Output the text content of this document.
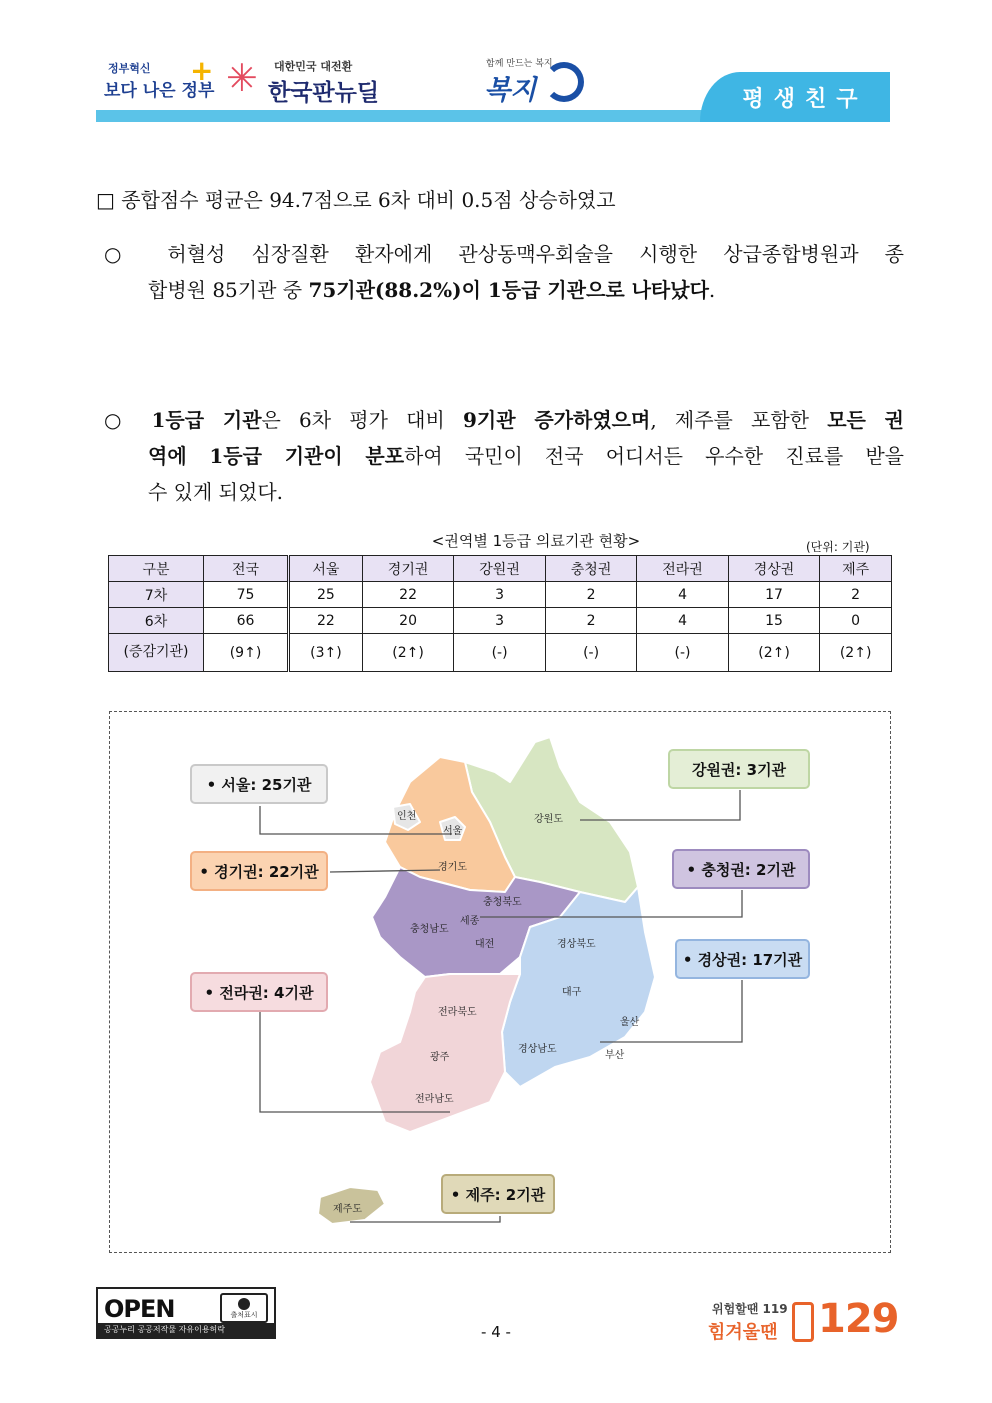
정부혁신
보다 나은 정부
+ ✳ 대한민국 대전환
한국판뉴딜
함께 만드는 복지
복지	평생친구
□ 종합점수 평균은 94.7점으로 6차 대비 0.5점 상승하였고
○ 허혈성 심장질환 환자에게 관상동맥우회술을 시행한 상급종합병원과 종
합병원 85기관 중 75기관(88.2%)이 1등급 기관으로 나타났다.
○ 1등급 기관은 6차 평가 대비 9기관 증가하였으며, 제주를 포함한 모든 권
역에 1등급 기관이 분포하여 국민이 전국 어디서든 우수한 진료를 받을
수 있게 되었다.
<권역별 1등급 의료기관 현황>	(단위: 기관)
구분	전국	서울	경기권	강원권	충청권	전라권	경상권	제주
7차	75	25	22	3	2	4	17	2
6차	66	22	20	3	2	4	15	0
(증감기관)	(9↑)	(3↑)	(2↑)	(-)	(-)	(-)	(2↑)	(2↑)
인천
서울
경기도
강원도
충청북도
충청남도
세종
대전	경상북도
대구
울산
부산
경상남도
전라북도
광주
전라남도
제주도
• 서울: 25기관
• 경기권: 22기관
• 전라권: 4기관
강원권: 3기관
• 충청권: 2기관
• 경상권: 17기관
• 제주: 2기관
OPEN	출처표시
공공누리 공공저작물 자유이용허락	- 4 -
위험할땐 119
힘겨울땐 129
